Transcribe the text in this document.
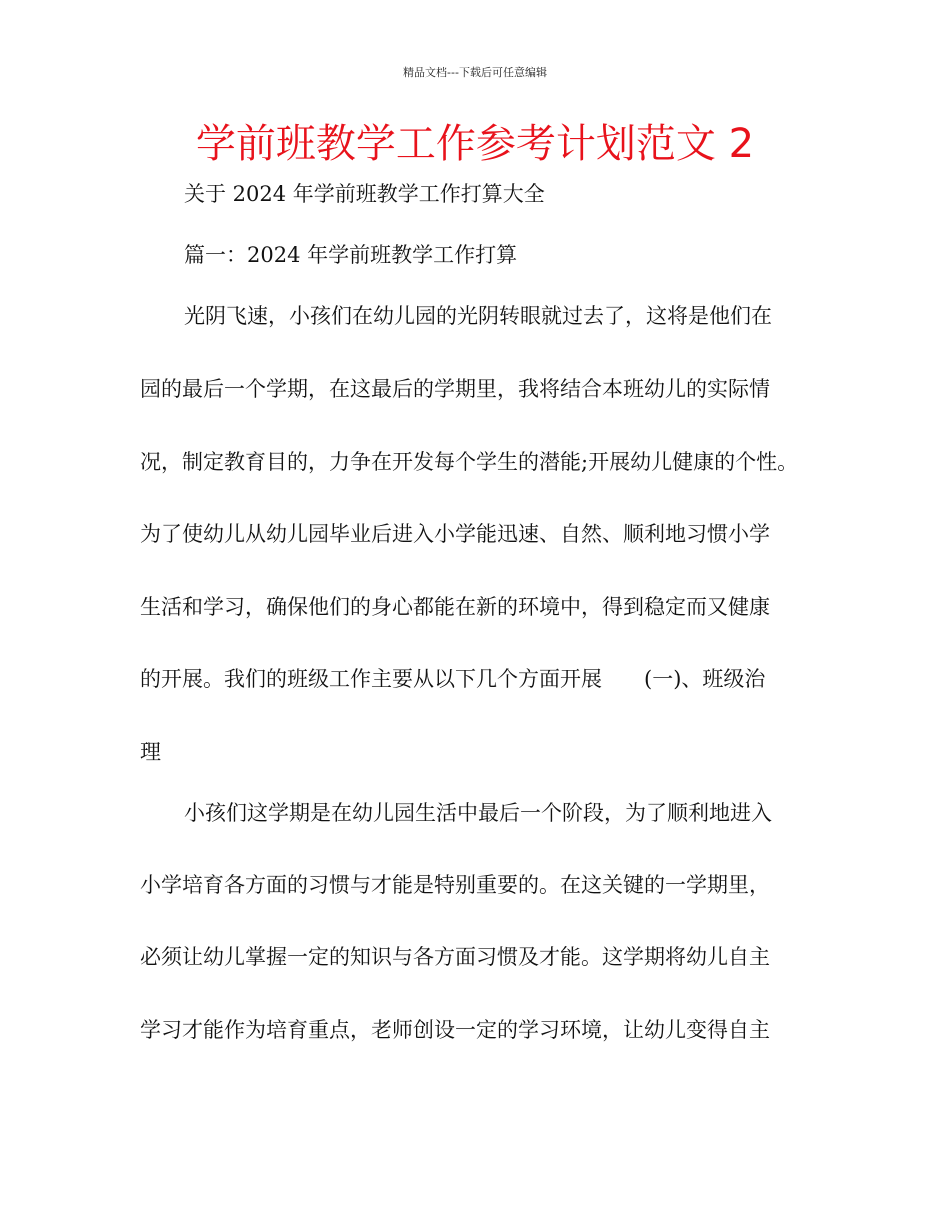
精品文档---下载后可任意编辑
学前班教学工作参考计划范文 2
关于 2024 年学前班教学工作打算大全
篇一：2024 年学前班教学工作打算
光阴飞速，小孩们在幼儿园的光阴转眼就过去了，这将是他们在
园的最后一个学期，在这最后的学期里，我将结合本班幼儿的实际情
况，制定教育目的，力争在开发每个学生的潜能;开展幼儿健康的个性。
为了使幼儿从幼儿园毕业后进入小学能迅速、自然、顺利地习惯小学
生活和学习，确保他们的身心都能在新的环境中，得到稳定而又健康
的开展。我们的班级工作主要从以下几个方面开展 (一)、班级治
理
小孩们这学期是在幼儿园生活中最后一个阶段，为了顺利地进入
小学培育各方面的习惯与才能是特别重要的。在这关键的一学期里，
必须让幼儿掌握一定的知识与各方面习惯及才能。这学期将幼儿自主
学习才能作为培育重点，老师创设一定的学习环境，让幼儿变得自主
